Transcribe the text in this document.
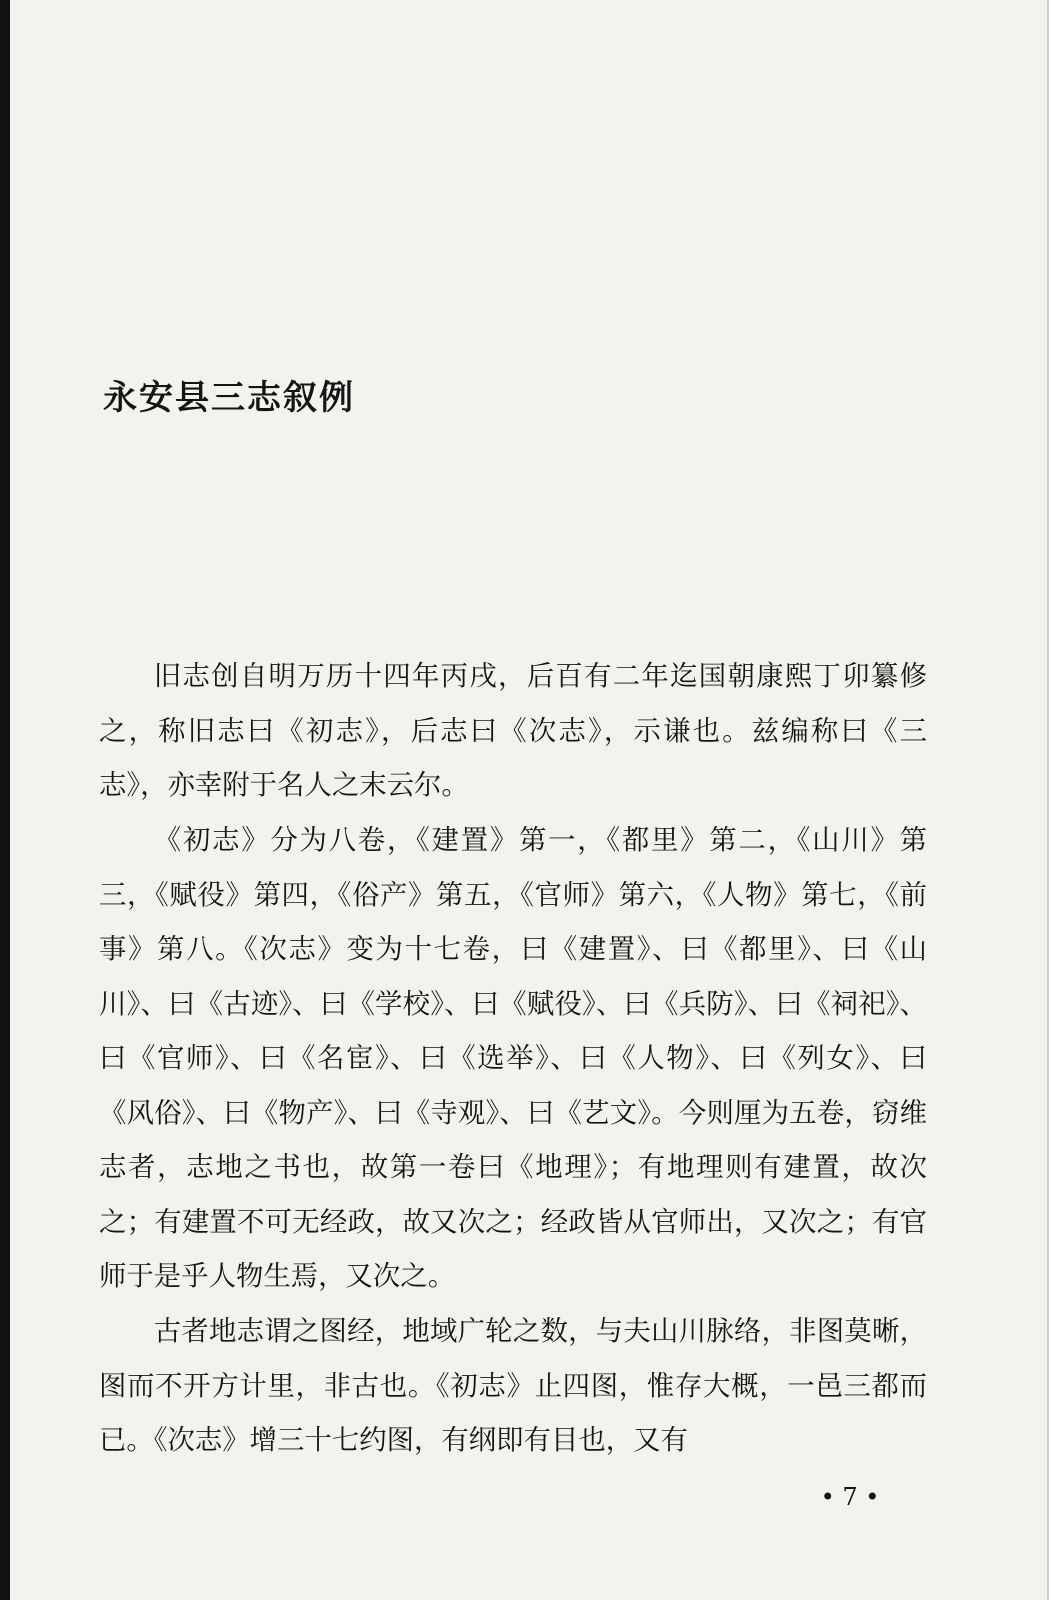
永安县三志叙例

旧志创自明万历十四年丙戌，后百有二年迄国朝康熙丁卯纂修之，称旧志曰《初志》，后志曰《次志》，示谦也。兹编称曰《三志》，亦幸附于名人之末云尔。

《初志》分为八卷，《建置》第一，《都里》第二，《山川》第三，《赋役》第四，《俗产》第五，《官师》第六，《人物》第七，《前事》第八。《次志》变为十七卷，曰《建置》、曰《都里》、曰《山川》、曰《古迹》、曰《学校》、曰《赋役》、曰《兵防》、曰《祠祀》、曰《官师》、曰《名宦》、曰《选举》、曰《人物》、曰《列女》、曰《风俗》、曰《物产》、曰《寺观》、曰《艺文》。今则厘为五卷，窃维志者，志地之书也，故第一卷曰《地理》；有地理则有建置，故次之；有建置不可无经政，故又次之；经政皆从官师出，又次之；有官师于是乎人物生焉，又次之。

古者地志谓之图经，地域广轮之数，与夫山川脉络，非图莫晰，图而不开方计里，非古也。《初志》止四图，惟存大概，一邑三都而已。《次志》增三十七约图，有纲即有目也，又有

• 7 •
